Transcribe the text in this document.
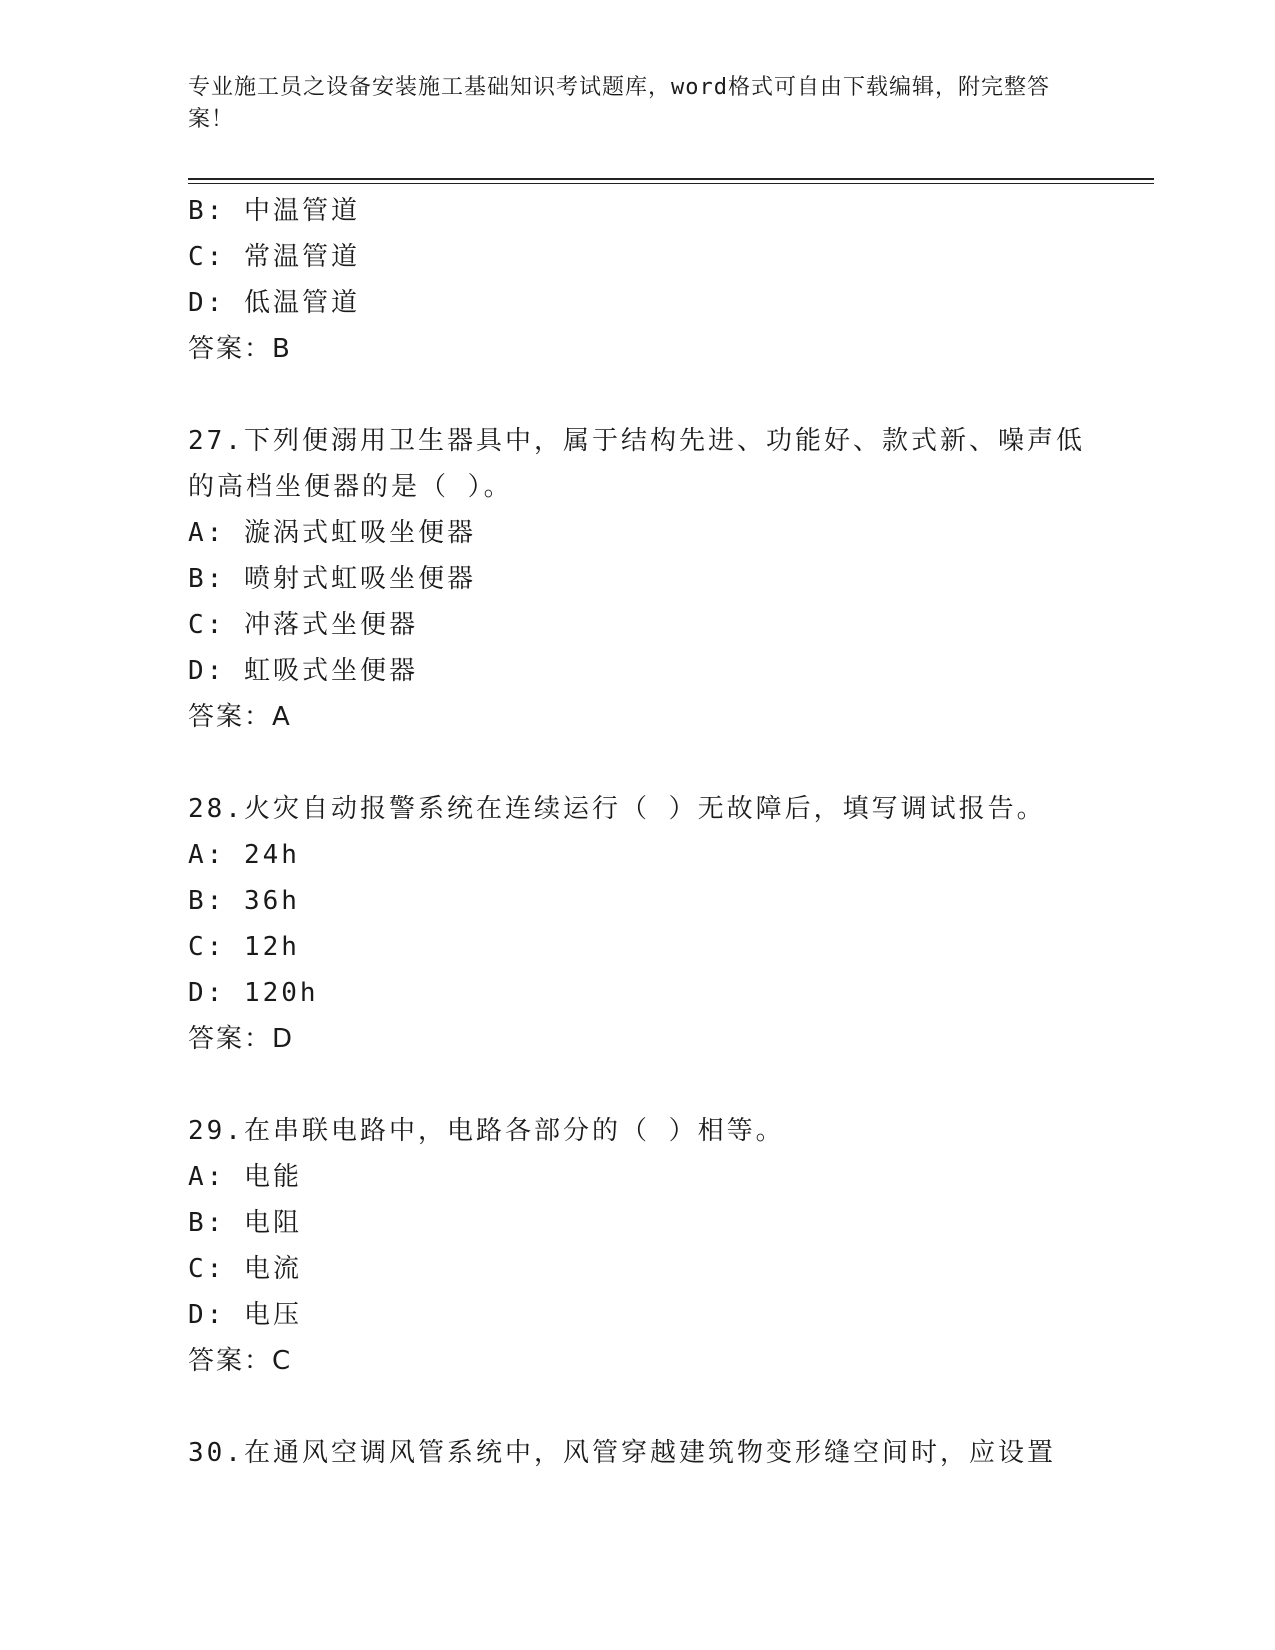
专业施工员之设备安装施工基础知识考试题库，word格式可自由下载编辑，附完整答案！
B: 中温管道
C: 常温管道
D: 低温管道
答案：B
27.下列便溺用卫生器具中，属于结构先进、功能好、款式新、噪声低的高档坐便器的是（ ）。
A: 漩涡式虹吸坐便器
B: 喷射式虹吸坐便器
C: 冲落式坐便器
D: 虹吸式坐便器
答案：A
28.火灾自动报警系统在连续运行（ ）无故障后，填写调试报告。
A: 24h
B: 36h
C: 12h
D: 120h
答案：D
29.在串联电路中，电路各部分的（ ）相等。
A: 电能
B: 电阻
C: 电流
D: 电压
答案：C
30.在通风空调风管系统中，风管穿越建筑物变形缝空间时，应设置
